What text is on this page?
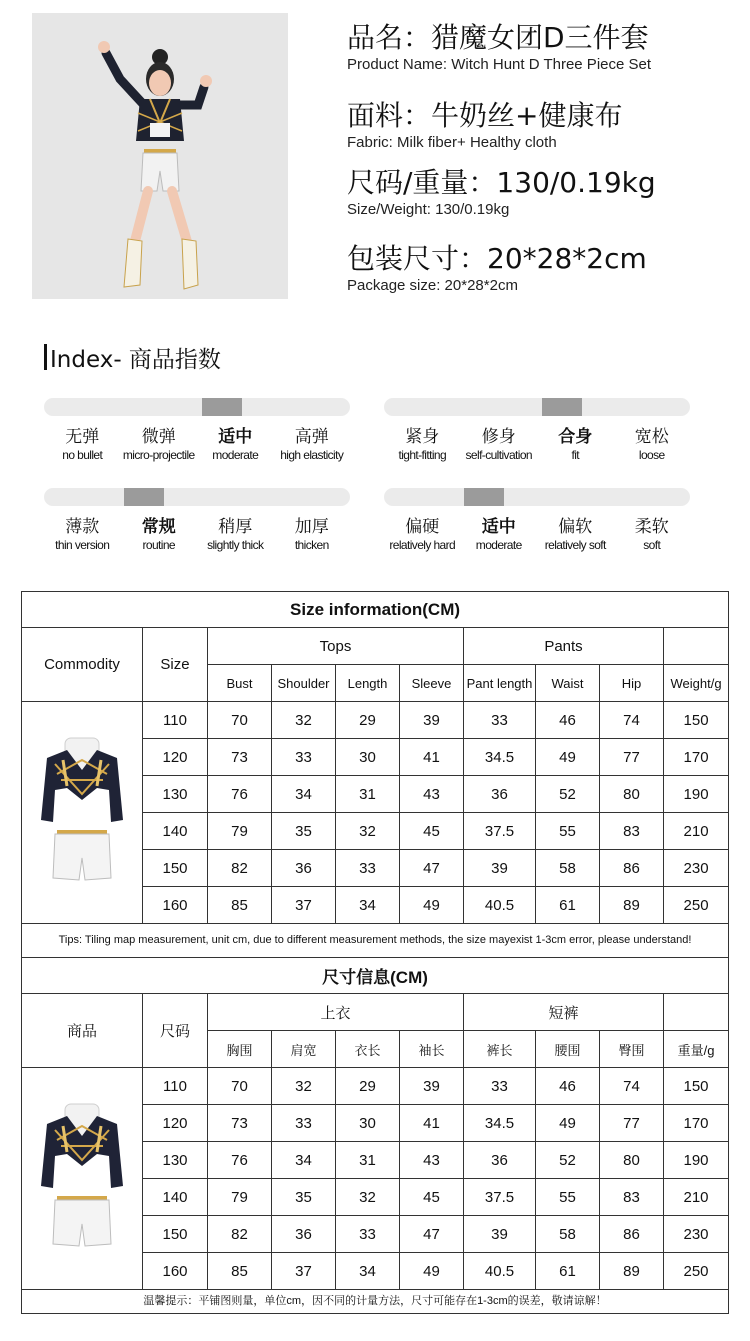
品名：猎魔女团D三件套
Product Name: Witch Hunt D Three Piece Set
面料：牛奶丝+健康布
Fabric: Milk fiber+ Healthy cloth
尺码/重量：130/0.19kg
Size/Weight: 130/0.19kg
包装尺寸：20*28*2cm
Package size: 20*28*2cm
Index- 商品指数
无弹
no bullet
微弹
micro-projectile
适中
moderate
高弹
high elasticity
紧身
tight-fitting
修身
self-cultivation
合身
fit
宽松
loose
薄款
thin version
常规
routine
稍厚
slightly thick
加厚
thicken
偏硬
relatively hard
适中
moderate
偏软
relatively soft
柔软
soft
Size information(CM)									
Commodity	Size	Tops				Pants			
		Bust	Shoulder	Length	Sleeve	Pant length	Waist	Hip	Weight/g
	110	70	32	29	39	33	46	74	150
	120	73	33	30	41	34.5	49	77	170
	130	76	34	31	43	36	52	80	190
	140	79	35	32	45	37.5	55	83	210
	150	82	36	33	47	39	58	86	230
	160	85	37	34	49	40.5	61	89	250
Tips: Tiling map measurement, unit cm, due to different measurement methods, the size mayexist 1-3cm error, please understand!									
尺寸信息(CM)									
商品	尺码	上衣				短裤			
		胸围	肩宽	衣长	袖长	裤长	腰围	臀围	重量/g
	110	70	32	29	39	33	46	74	150
	120	73	33	30	41	34.5	49	77	170
	130	76	34	31	43	36	52	80	190
	140	79	35	32	45	37.5	55	83	210
	150	82	36	33	47	39	58	86	230
	160	85	37	34	49	40.5	61	89	250
温馨提示：平铺图则量，单位cm，因不同的计量方法，尺寸可能存在1-3cm的误差，敬请谅解！									
